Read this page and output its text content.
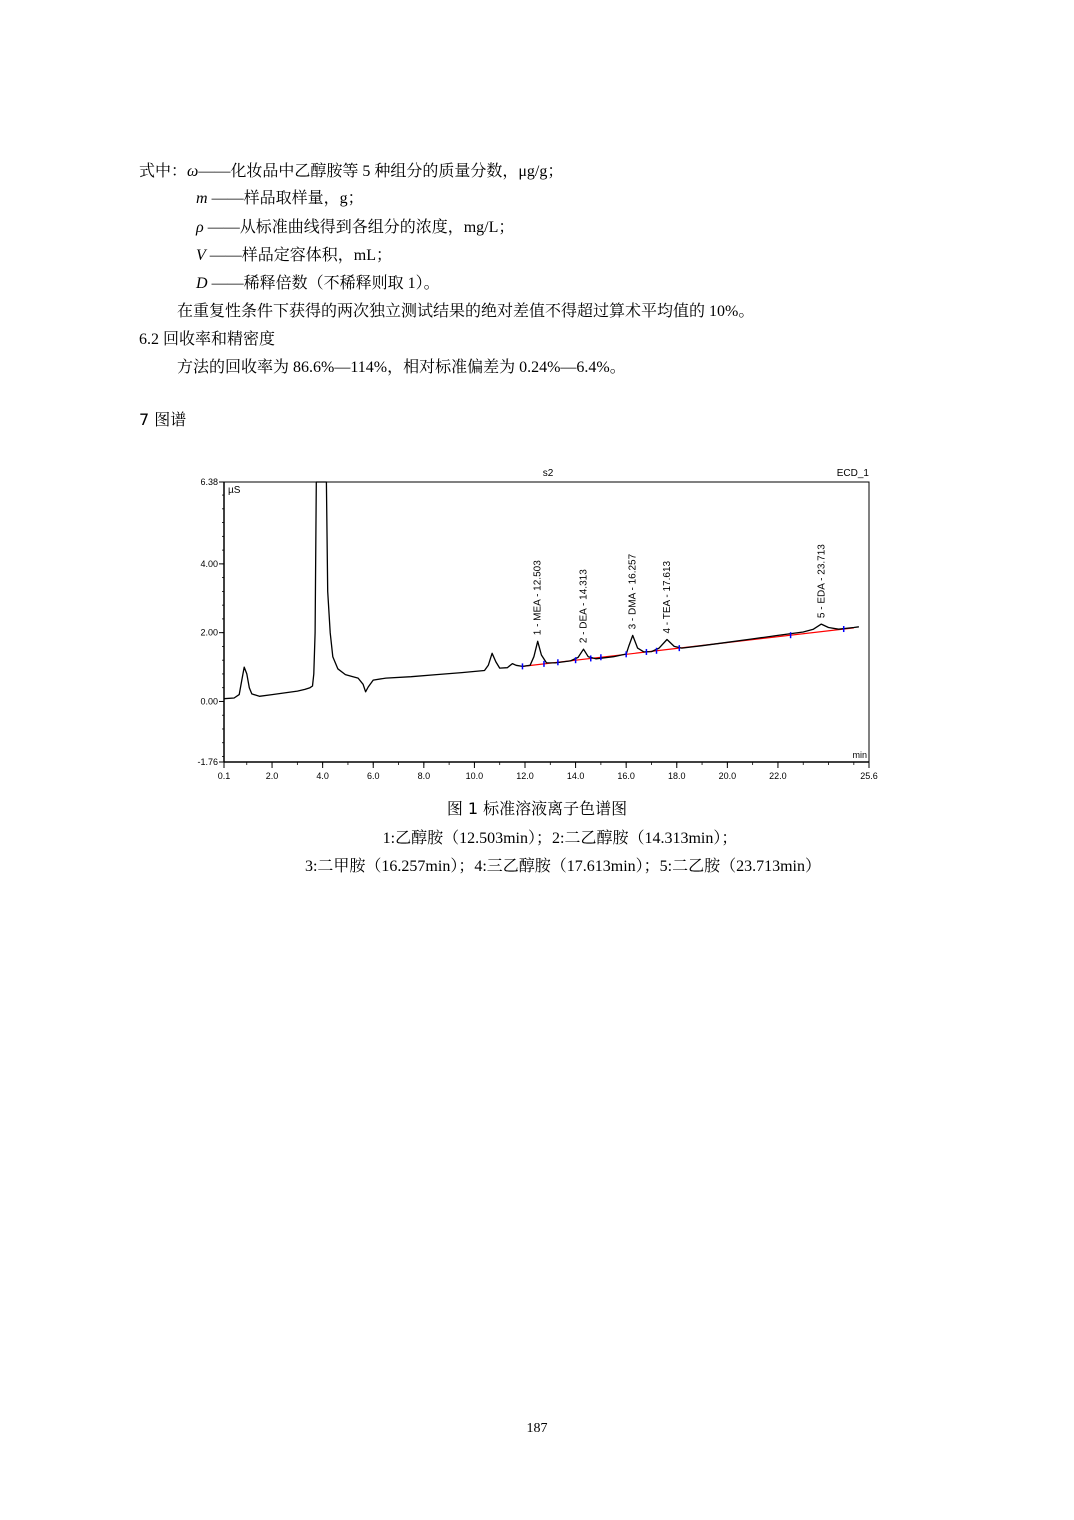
式中：ω——化妆品中乙醇胺等 5 种组分的质量分数，μg/g；
m ——样品取样量，g；
ρ ——从标准曲线得到各组分的浓度，mg/L；
V ——样品定容体积，mL；
D ——稀释倍数（不稀释则取 1）。
在重复性条件下获得的两次独立测试结果的绝对差值不得超过算术平均值的 10%。
6.2 回收率和精密度
方法的回收率为 86.6%—114%，相对标准偏差为 0.24%—6.4%。
7 图谱
s2	ECD_1
µS
min
6.38
4.00
2.00
0.00
-1.76
0.1	2.0	4.0	6.0	8.0	10.0	12.0	14.0	16.0	18.0	20.0	22.0	25.6
1 - MEA - 12.503	2 - DEA - 14.313	3 - DMA - 16.257 4 - TEA - 17.613	5 - EDA - 23.713
图 1 标准溶液离子色谱图
1:乙醇胺（12.503min）；2:二乙醇胺（14.313min）；
3:二甲胺（16.257min）；4:三乙醇胺（17.613min）；5:二乙胺（23.713min）
187
